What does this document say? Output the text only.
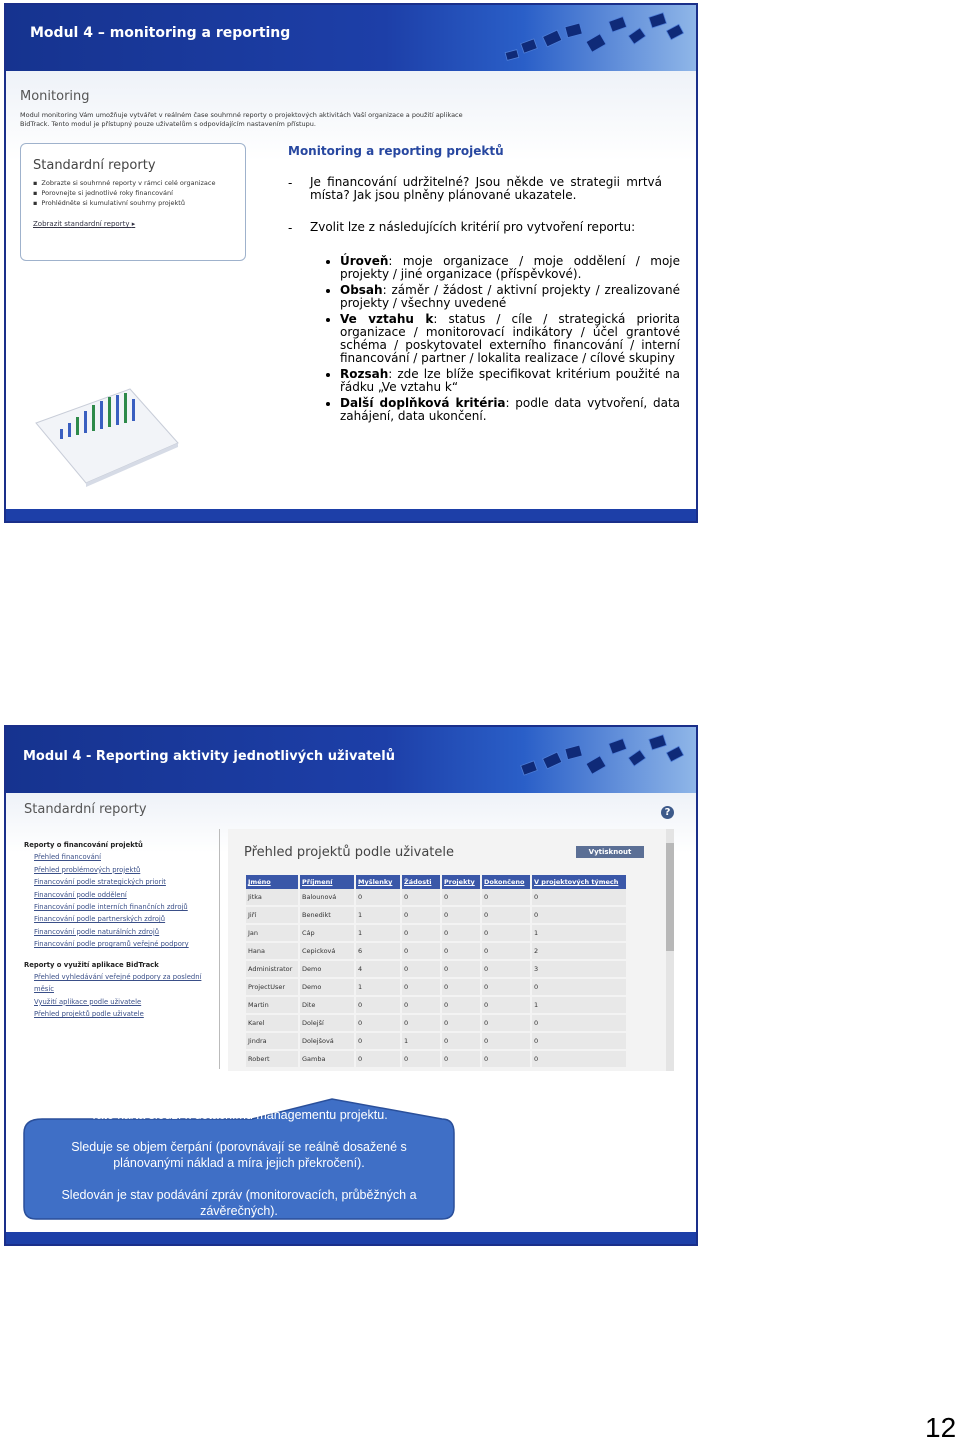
Modul 4 – monitoring a reporting
Monitoring
Modul monitoring Vám umožňuje vytvářet v reálném čase souhrnné reporty o projektových aktivitách Vaší organizace a použití aplikace BidTrack. Tento modul je přístupný pouze uživatelům s odpovídajícím nastavením přístupu.
Standardní reporty
▪ Zobrazte si souhrnné reporty v rámci celé organizace
▪ Porovnejte si jednotlivé roky financování
▪ Prohlédněte si kumulativní souhrny projektů
Zobrazit standardní reporty ▸
Monitoring a reporting projektů
- Je financování udržitelné? Jsou někde ve strategii mrtvá místa? Jak jsou plněny plánované ukazatele.
- Zvolit lze z následujících kritérií pro vytvoření reportu:
• Úroveň: moje organizace / moje oddělení / moje projekty / jiné organizace (příspěvkové).
• Obsah: záměr / žádost / aktivní projekty / zrealizované projekty / všechny uvedené
• Ve vztahu k: status / cíle / strategická priorita organizace / monitorovací indikátory / účel grantové schéma / poskytovatel externího financování / interní financování / partner / lokalita realizace / cílové skupiny
• Rozsah: zde lze blíže specifikovat kritérium použité na řádku „Ve vztahu k“
• Další doplňková kritéria: podle data vytvoření, data zahájení, data ukončení.
Modul 4 - Reporting aktivity jednotlivých uživatelů
Standardní reporty	?
Reporty o financování projektů
Přehled financování
Přehled problémových projektů
Financování podle strategických priorit
Financování podle oddělení
Financování podle interních finančních zdrojů
Financování podle partnerských zdrojů
Financování podle naturálních zdrojů
Financování podle programů veřejné podpory
Reporty o využití aplikace BidTrack
Přehled vyhledávání veřejné podpory za poslední měsíc
Využití aplikace podle uživatele
Přehled projektů podle uživatele
Přehled projektů podle uživatele	Vytisknout
Jméno	Příjmení	Myšlenky	Žádosti	Projekty	Dokončeno	V projektových týmech
Jitka	Balounová	0	0	0	0	0
Jiří	Benedikt	1	0	0	0	0
Jan	Cáp	1	0	0	0	1
Hana	Cepicková	6	0	0	0	2
Administrator	Demo	4	0	0	0	3
ProjectUser	Demo	1	0	0	0	0
Martin	Dite	0	0	0	0	1
Karel	Dolejší	0	0	0	0	0
Jindra	Dolejšová	0	1	0	0	0
Robert	Gamba	0	0	0	0	0

Tato karta slouží k dotačnímu managementu projektu.

Sleduje se objem čerpání (porovnávají se reálně dosažené s plánovanými náklad a míra jejich překročení).

Sledován je stav podávání zpráv (monitorovacích, průběžných a závěrečných).

12
